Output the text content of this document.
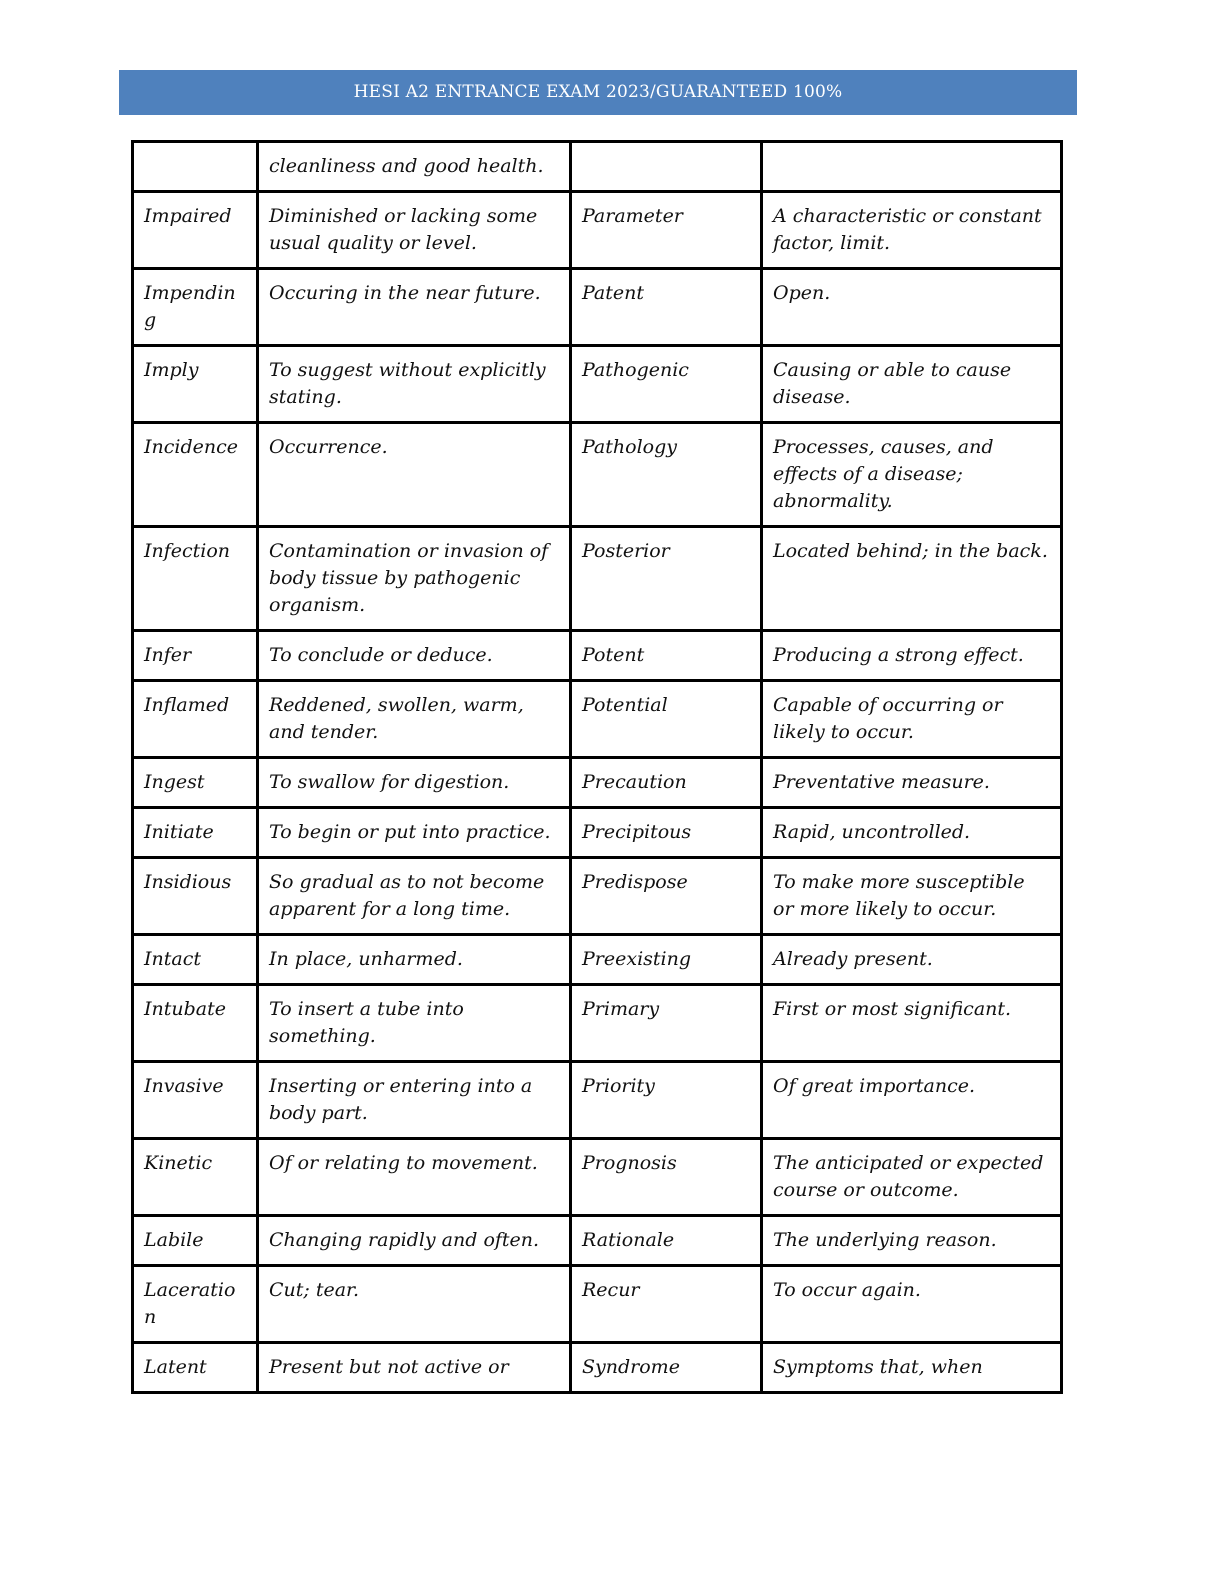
HESI A2 ENTRANCE EXAM 2023/GUARANTEED 100%
	cleanliness and good health.		
Impaired	Diminished or lacking some usual quality or level.	Parameter	A characteristic or constant factor, limit.
Impending	Occuring in the near future.	Patent	Open.
Imply	To suggest without explicitly stating.	Pathogenic	Causing or able to cause disease.
Incidence	Occurrence.	Pathology	Processes, causes, and effects of a disease; abnormality.
Infection	Contamination or invasion of body tissue by pathogenic organism.	Posterior	Located behind; in the back.
Infer	To conclude or deduce.	Potent	Producing a strong effect.
Inflamed	Reddened, swollen, warm, and tender.	Potential	Capable of occurring or likely to occur.
Ingest	To swallow for digestion.	Precaution	Preventative measure.
Initiate	To begin or put into practice.	Precipitous	Rapid, uncontrolled.
Insidious	So gradual as to not become apparent for a long time.	Predispose	To make more susceptible or more likely to occur.
Intact	In place, unharmed.	Preexisting	Already present.
Intubate	To insert a tube into something.	Primary	First or most significant.
Invasive	Inserting or entering into a body part.	Priority	Of great importance.
Kinetic	Of or relating to movement.	Prognosis	The anticipated or expected course or outcome.
Labile	Changing rapidly and often.	Rationale	The underlying reason.
Laceration	Cut; tear.	Recur	To occur again.
Latent	Present but not active or	Syndrome	Symptoms that, when
